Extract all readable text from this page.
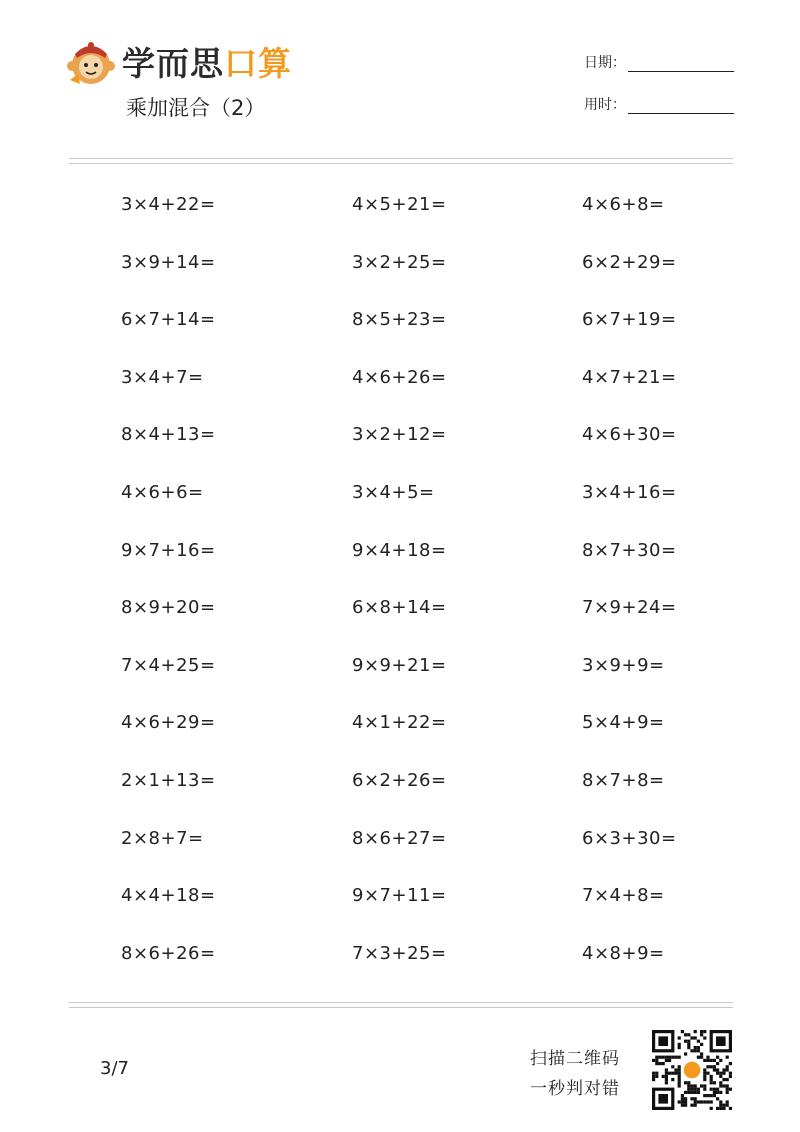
学而思口算
乘加混合（2）
日期：
用时：
3×4+22=	4×5+21=	4×6+8=
3×9+14=	3×2+25=	6×2+29=
6×7+14=	8×5+23=	6×7+19=
3×4+7=	4×6+26=	4×7+21=
8×4+13=	3×2+12=	4×6+30=
4×6+6=	3×4+5=	3×4+16=
9×7+16=	9×4+18=	8×7+30=
8×9+20=	6×8+14=	7×9+24=
7×4+25=	9×9+21=	3×9+9=
4×6+29=	4×1+22=	5×4+9=
2×1+13=	6×2+26=	8×7+8=
2×8+7=	8×6+27=	6×3+30=
4×4+18=	9×7+11=	7×4+8=
8×6+26=	7×3+25=	4×8+9=
3/7	扫描二维码
一秒判对错
